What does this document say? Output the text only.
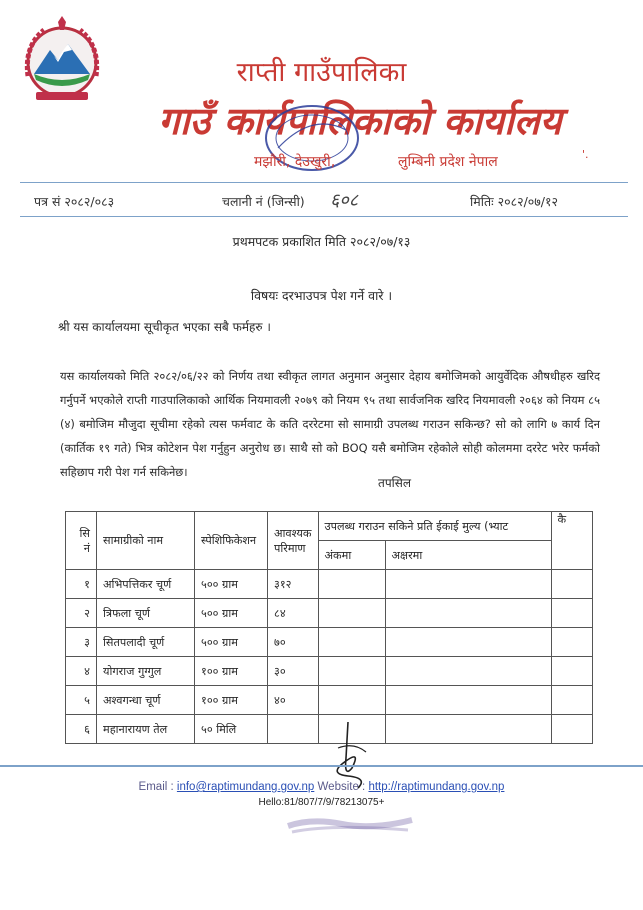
राप्ती गाउँपालिका
गाउँ कार्यपालिकाको कार्यालय
मझौरी, देउखुरी,	लुम्बिनी प्रदेश नेपाल	'.
पत्र सं २०८२/०८३	चलानी नं (जिन्सी) ६०८	मितिः २०८२/०७/१२
प्रथमपटक प्रकाशित मिति २०८२/०७/१३
विषयः दरभाउपत्र पेश गर्ने वारे ।
श्री यस कार्यालयमा सूचीकृत भएका सबै फर्महरु ।
यस कार्यालयको मिति २०८२/०६/२२ को निर्णय तथा स्वीकृत लागत अनुमान अनुसार देहाय बमोजिमको आयुर्वेदिक औषधीहरु खरिद गर्नुपर्ने भएकोले राप्ती गाउपालिकाको आर्थिक नियमावली २०७९ को नियम ९५ तथा सार्वजनिक खरिद नियमावली २०६४ को नियम ८५ (४) बमोजिम मौजुदा सूचीमा रहेको त्यस फर्मवाट के कति दररेटमा सो सामाग्री उपलब्ध गराउन सकिन्छ? सो को लागि ७ कार्य दिन (कार्तिक १९ गते) भित्र कोटेशन पेश गर्नुहुन अनुरोध छ। साथै सो को BOQ यसै बमोजिम रहेकोले सोही कोलममा दररेट भरेर फर्मको सहिछाप गरी पेश गर्न सकिनेछ।
तपसिल
सि नं	सामाग्रीको नाम	स्पेशिफिकेशन	आवश्यक परिमाण	उपलब्ध गराउन सकिने प्रति ईकाई मुल्य (भ्याट		कै
				अंकमा	अक्षरमा	
१	अभिपत्तिकर चूर्ण	५०० ग्राम	३१२			
२	त्रिफला चूर्ण	५०० ग्राम	८४			
३	सितपलादी चूर्ण	५०० ग्राम	७०			
४	योगराज गुग्गुल	१०० ग्राम	३०			
५	अश्वगन्धा चूर्ण	१०० ग्राम	४०			
६	महानारायण तेल	५० मिलि				
Email : info@raptimundang.gov.np Website : http://raptimundang.gov.np
Hello:81/807/7/9/78213075+
